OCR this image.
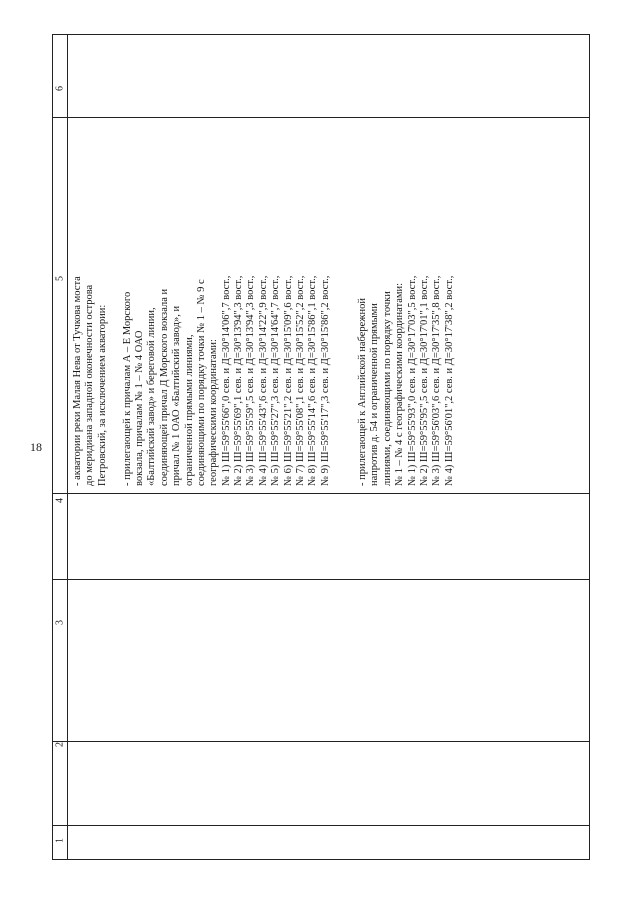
18
1
2
3
4
5
6
- акватории реки Малая Нева от Тучкова моста до меридиана западной оконечности острова Петровский, за исключением акватории: - прилегающей к причалам А – Е Морского вокзала, причалам № 1 – № 4 ОАО «Балтийский завод» и береговой линии, соединяющей причал Д Морского вокзала и причал № 1 ОАО «Балтийский завод», и ограниченной прямыми линиями, соединяющими по порядку точки № 1 – № 9 с географическими координатами: № 1) Ш=59°55'66",0 сев. и Д=30°14'06",7 вост., № 2) Ш=59°55'69",1 сев. и Д=30°13'94",3 вост., № 3) Ш=59°55'59",5 сев. и Д=30°13'94",3 вост., № 4) Ш=59°55'43",6 сев. и Д=30°14'22",9 вост., № 5) Ш=59°55'27",3 сев. и Д=30°14'64",7 вост., № 6) Ш=59°55'21",2 сев. и Д=30°15'09",6 вост., № 7) Ш=59°55'08",1 сев. и Д=30°15'52",2 вост., № 8) Ш=59°55'14",6 сев. и Д=30°15'86",1 вост., № 9) Ш=59°55'17",3 сев. и Д=30°15'86",2 вост., - прилегающей к Английской набережной напротив д. 54 и ограниченной прямыми линиями, соединяющими по порядку точки № 1 – № 4 с географическими координатами: № 1) Ш=59°55'93",0 сев. и Д=30°17'03",5 вост., № 2) Ш=59°55'95",5 сев. и Д=30°17'01",1 вост., № 3) Ш=59°56'03",6 сев. и Д=30°17'35",8 вост., № 4) Ш=59°56'01",2 сев. и Д=30°17'38",2 вост.,
